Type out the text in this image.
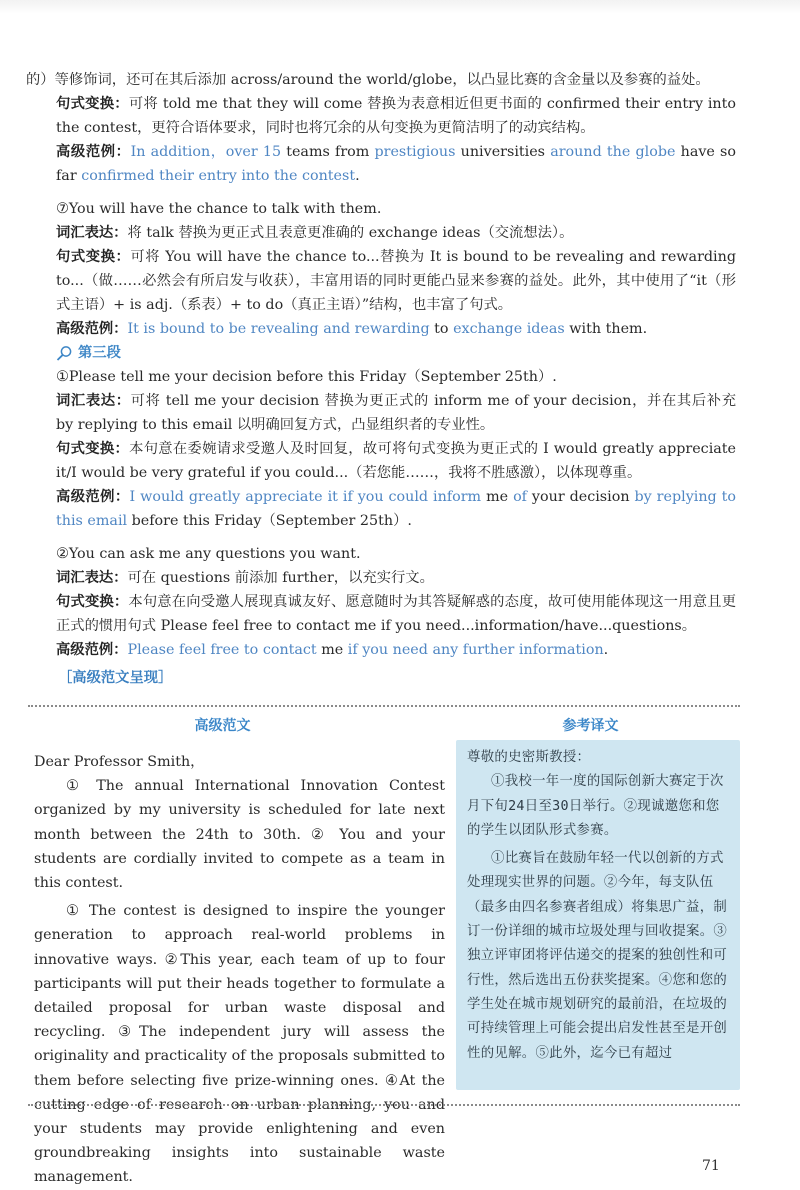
的）等修饰词，还可在其后添加 across/around the world/globe，以凸显比赛的含金量以及参赛的益处。

句式变换：可将 told me that they will come 替换为表意相近但更书面的 confirmed their entry into the contest，更符合语体要求，同时也将冗余的从句变换为更简洁明了的动宾结构。

高级范例：In addition，over 15 teams from prestigious universities around the globe have so far confirmed their entry into the contest.

⑦You will have the chance to talk with them.

词汇表达：将 talk 替换为更正式且表意更准确的 exchange ideas（交流想法）。

句式变换：可将 You will have the chance to...替换为 It is bound to be revealing and rewarding to...（做……必然会有所启发与收获），丰富用语的同时更能凸显来参赛的益处。此外，其中使用了“it（形式主语）+ is adj.（系表）+ to do（真正主语）”结构，也丰富了句式。

高级范例：It is bound to be revealing and rewarding to exchange ideas with them.

第三段

①Please tell me your decision before this Friday（September 25th）.

词汇表达：可将 tell me your decision 替换为更正式的 inform me of your decision，并在其后补充 by replying to this email 以明确回复方式，凸显组织者的专业性。

句式变换：本句意在委婉请求受邀人及时回复，故可将句式变换为更正式的 I would greatly appreciate it/I would be very grateful if you could...（若您能……，我将不胜感激），以体现尊重。

高级范例：I would greatly appreciate it if you could inform me of your decision by replying to this email before this Friday（September 25th）.

②You can ask me any questions you want.

词汇表达：可在 questions 前添加 further，以充实行文。

句式变换：本句意在向受邀人展现真诚友好、愿意随时为其答疑解惑的态度，故可使用能体现这一用意且更正式的惯用句式 Please feel free to contact me if you need...information/have...questions。

高级范例：Please feel free to contact me if you need any further information.

［高级范文呈现］
高级范文	参考译文

Dear Professor Smith，

① The annual International Innovation Contest organized by my university is scheduled for late next month between the 24th to 30th. ② You and your students are cordially invited to compete as a team in this contest.

① The contest is designed to inspire the younger generation to approach real-world problems in innovative ways. ②This year, each team of up to four participants will put their heads together to formulate a detailed proposal for urban waste disposal and recycling. ③The independent jury will assess the originality and practicality of the proposals submitted to them before selecting five prize-winning ones. ④At the cutting edge of research on urban planning, you and your students may provide enlightening and even groundbreaking insights into sustainable waste management.

尊敬的史密斯教授：

①我校一年一度的国际创新大赛定于次月下旬24日至30日举行。②现诚邀您和您的学生以团队形式参赛。

①比赛旨在鼓励年轻一代以创新的方式处理现实世界的问题。②今年，每支队伍（最多由四名参赛者组成）将集思广益，制订一份详细的城市垃圾处理与回收提案。③独立评审团将评估递交的提案的独创性和可行性，然后选出五份获奖提案。④您和您的学生处在城市规划研究的最前沿，在垃圾的可持续管理上可能会提出启发性甚至是开创性的见解。⑤此外，迄今已有超过

71
